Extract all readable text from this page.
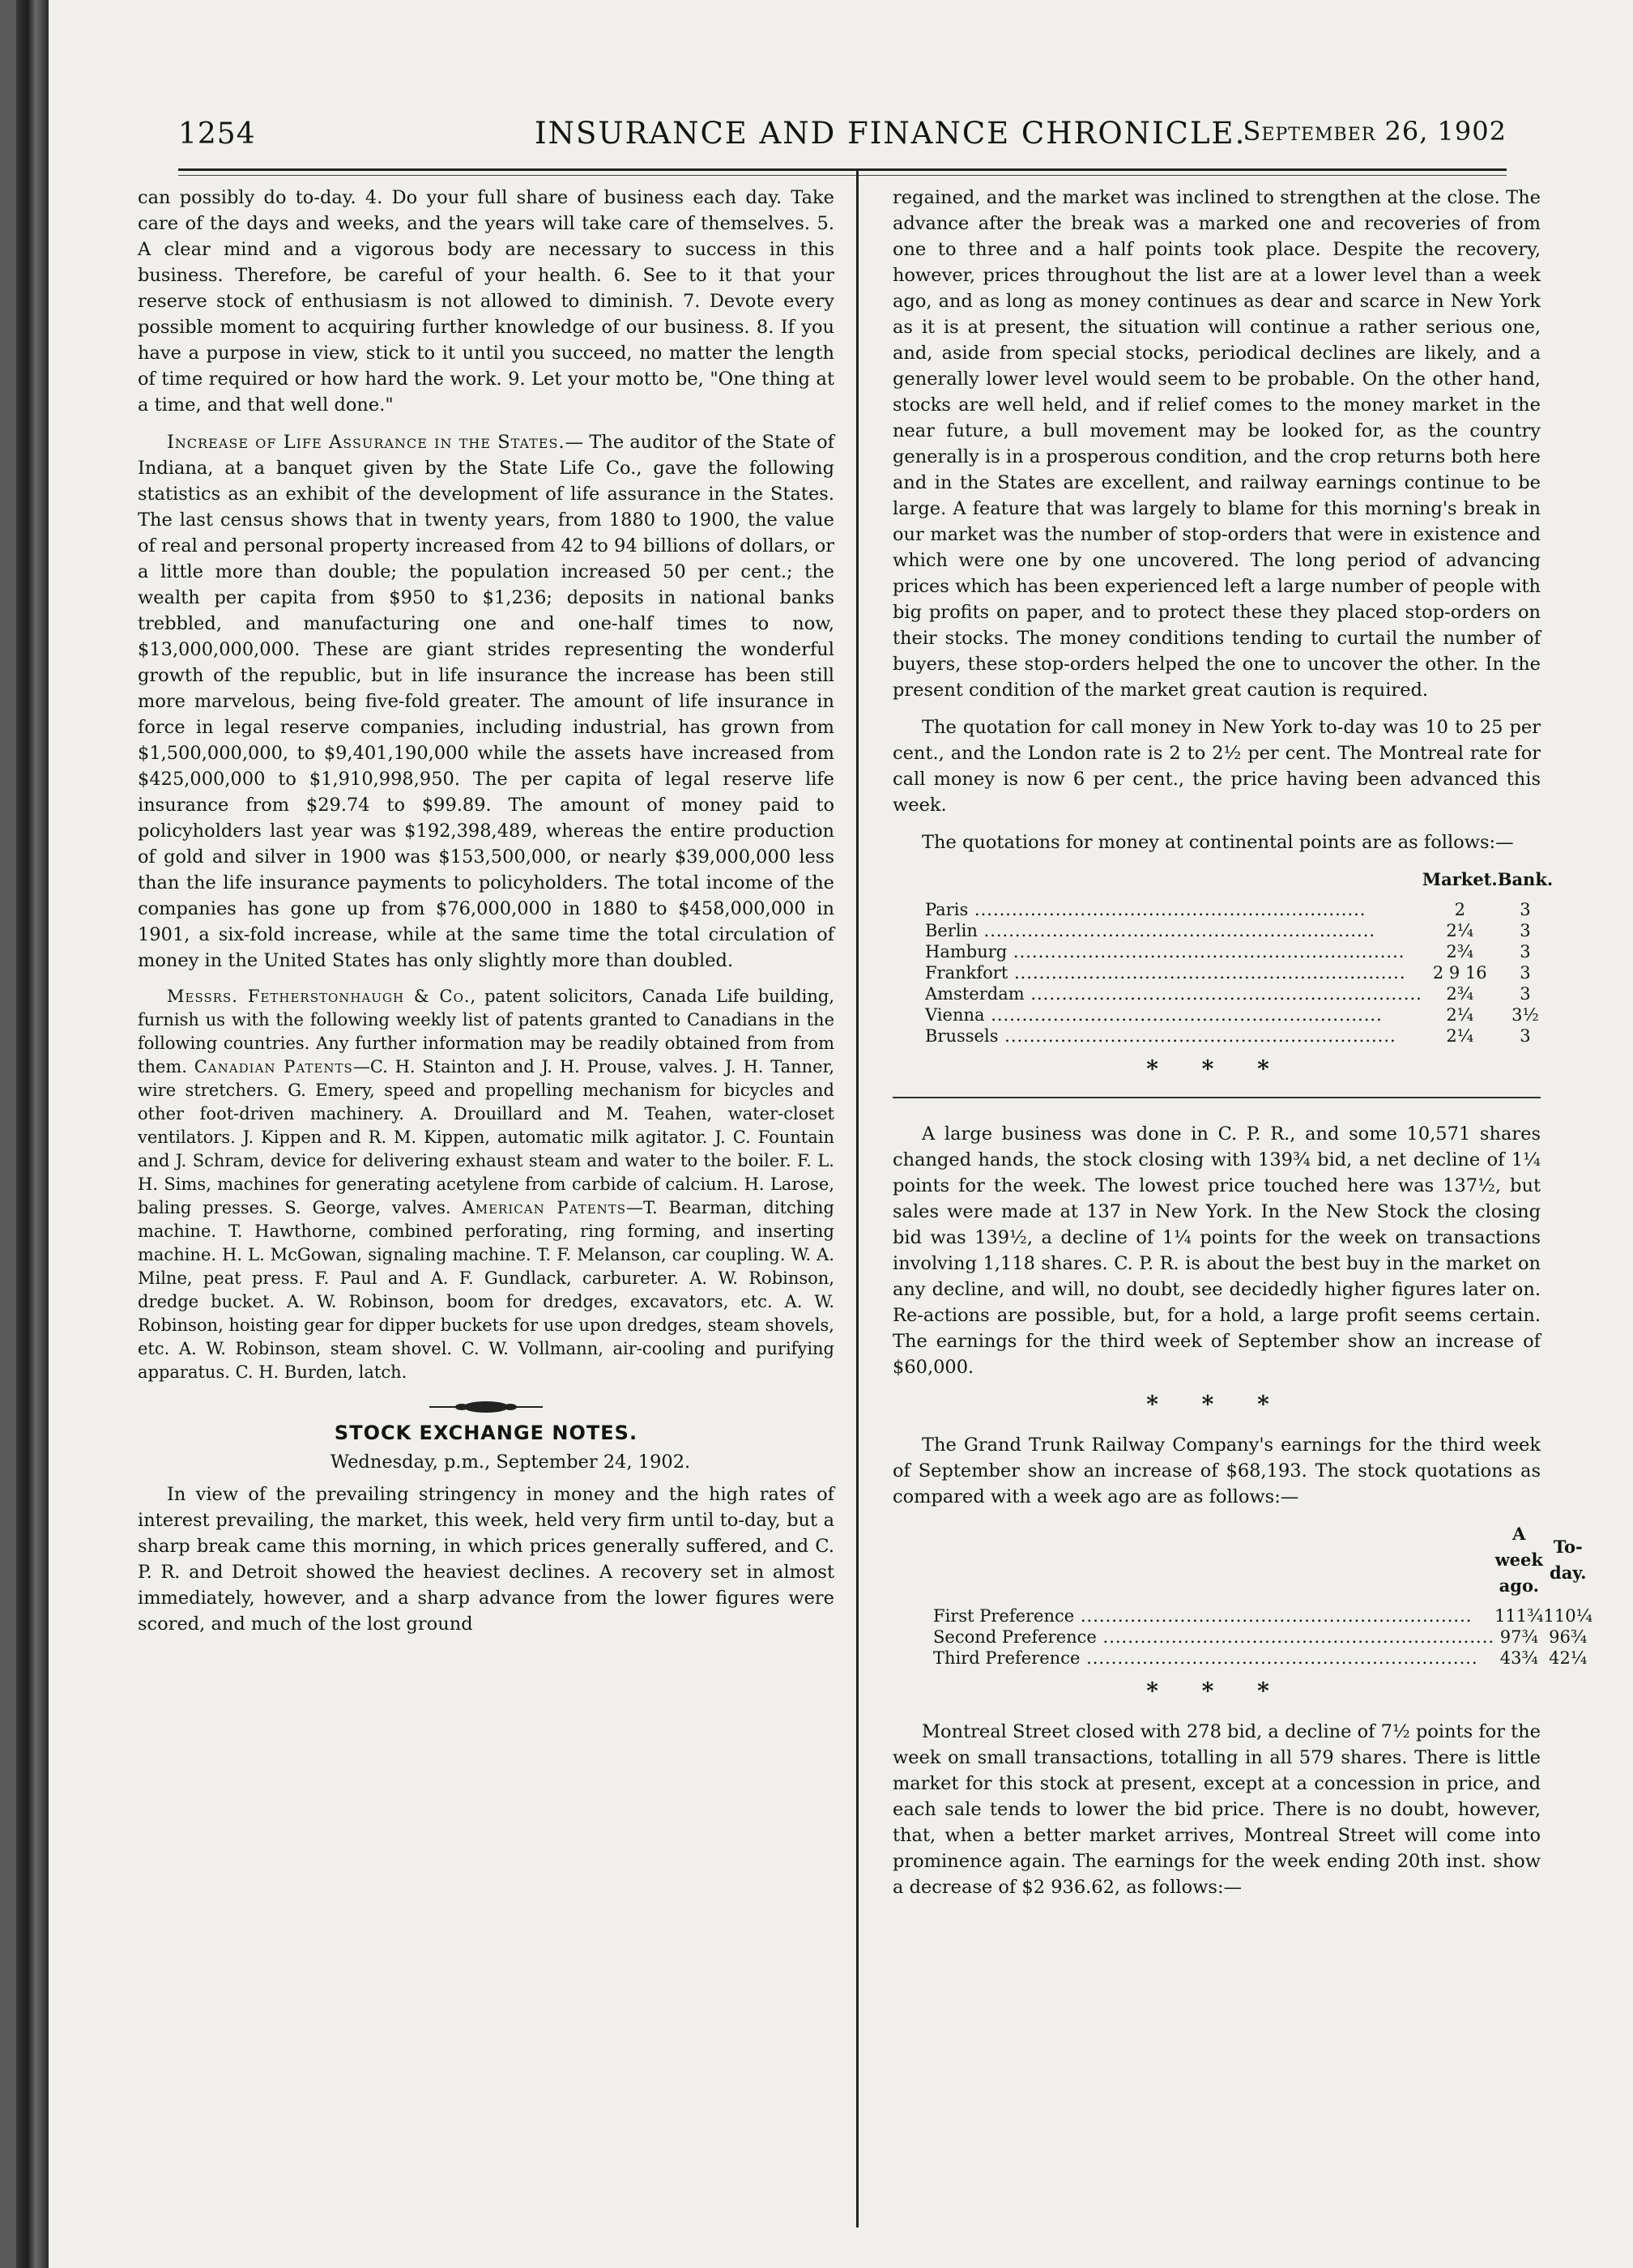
1254	INSURANCE AND FINANCE CHRONICLE.
September 26, 1902

can possibly do to-day. 4. Do your full share of business each day. Take care of the days and weeks, and the years will take care of themselves. 5. A clear mind and a vigorous body are necessary to success in this business. Therefore, be careful of your health. 6. See to it that your reserve stock of enthusiasm is not allowed to diminish. 7. Devote every possible moment to acquiring further knowledge of our business. 8. If you have a purpose in view, stick to it until you succeed, no matter the length of time required or how hard the work. 9. Let your motto be, "One thing at a time, and that well done."

Increase of Life Assurance in the States.— The auditor of the State of Indiana, at a banquet given by the State Life Co., gave the following statistics as an exhibit of the development of life assurance in the States. The last census shows that in twenty years, from 1880 to 1900, the value of real and personal property increased from 42 to 94 billions of dollars, or a little more than double; the population increased 50 per cent.; the wealth per capita from $950 to $1,236; deposits in national banks trebbled, and manufacturing one and one-half times to now, $13,000,000,000. These are giant strides representing the wonderful growth of the republic, but in life insurance the increase has been still more marvelous, being five-fold greater. The amount of life insurance in force in legal reserve companies, including industrial, has grown from $1,500,000,000, to $9,401,190,000 while the assets have increased from $425,000,000 to $1,910,998,950. The per capita of legal reserve life insurance from $29.74 to $99.89. The amount of money paid to policyholders last year was $192,398,489, whereas the entire production of gold and silver in 1900 was $153,500,000, or nearly $39,000,000 less than the life insurance payments to policyholders. The total income of the companies has gone up from $76,000,000 in 1880 to $458,000,000 in 1901, a six-fold increase, while at the same time the total circulation of money in the United States has only slightly more than doubled.

Messrs. Fetherstonhaugh & Co., patent solicitors, Canada Life building, furnish us with the following weekly list of patents granted to Canadians in the following countries. Any further information may be readily obtained from from them. Canadian Patents—C. H. Stainton and J. H. Prouse, valves. J. H. Tanner, wire stretchers. G. Emery, speed and propelling mechanism for bicycles and other foot-driven machinery. A. Drouillard and M. Teahen, water-closet ventilators. J. Kippen and R. M. Kippen, automatic milk agitator. J. C. Fountain and J. Schram, device for delivering exhaust steam and water to the boiler. F. L. H. Sims, machines for generating acetylene from carbide of calcium. H. Larose, baling presses. S. George, valves. American Patents—T. Bearman, ditching machine. T. Hawthorne, combined perforating, ring forming, and inserting machine. H. L. McGowan, signaling machine. T. F. Melanson, car coupling. W. A. Milne, peat press. F. Paul and A. F. Gundlack, carbureter. A. W. Robinson, dredge bucket. A. W. Robinson, boom for dredges, excavators, etc. A. W. Robinson, hoisting gear for dipper buckets for use upon dredges, steam shovels, etc. A. W. Robinson, steam shovel. C. W. Vollmann, air-cooling and purifying apparatus. C. H. Burden, latch.

STOCK EXCHANGE NOTES.
Wednesday, p.m., September 24, 1902.

In view of the prevailing stringency in money and the high rates of interest prevailing, the market, this week, held very firm until to-day, but a sharp break came this morning, in which prices generally suffered, and C. P. R. and Detroit showed the heaviest declines. A recovery set in almost immediately, however, and a sharp advance from the lower figures were scored, and much of the lost ground

regained, and the market was inclined to strengthen at the close. The advance after the break was a marked one and recoveries of from one to three and a half points took place. Despite the recovery, however, prices throughout the list are at a lower level than a week ago, and as long as money continues as dear and scarce in New York as it is at present, the situation will continue a rather serious one, and, aside from special stocks, periodical declines are likely, and a generally lower level would seem to be probable. On the other hand, stocks are well held, and if relief comes to the money market in the near future, a bull movement may be looked for, as the country generally is in a prosperous condition, and the crop returns both here and in the States are excellent, and railway earnings continue to be large. A feature that was largely to blame for this morning's break in our market was the number of stop-orders that were in existence and which were one by one uncovered. The long period of advancing prices which has been experienced left a large number of people with big profits on paper, and to protect these they placed stop-orders on their stocks. The money conditions tending to curtail the number of buyers, these stop-orders helped the one to uncover the other. In the present condition of the market great caution is required.

The quotation for call money in New York to-day was 10 to 25 per cent., and the London rate is 2 to 2½ per cent. The Montreal rate for call money is now 6 per cent., the price having been advanced this week.

The quotations for money at continental points are as follows:—

	Market.	Bank.
Paris .....	2	3
Berlin .....	2¼	3
Hamburg .....	2¾	3
Frankfort .....	2 9 16	3
Amsterdam .....	2¾	3
Vienna .....	2¼	3½
Brussels .....	2¼	3
* * *

A large business was done in C. P. R., and some 10,571 shares changed hands, the stock closing with 139¾ bid, a net decline of 1¼ points for the week. The lowest price touched here was 137½, but sales were made at 137 in New York. In the New Stock the closing bid was 139½, a decline of 1¼ points for the week on transactions involving 1,118 shares. C. P. R. is about the best buy in the market on any decline, and will, no doubt, see decidedly higher figures later on. Re-actions are possible, but, for a hold, a large profit seems certain. The earnings for the third week of September show an increase of $60,000.

* * *

The Grand Trunk Railway Company's earnings for the third week of September show an increase of $68,193. The stock quotations as compared with a week ago are as follows:—

	A week ago.	To-day.
First Preference .....	111¾	110¼
Second Preference .....	97¾	96¾
Third Preference .....	43¾	42¼
* * *

Montreal Street closed with 278 bid, a decline of 7½ points for the week on small transactions, totalling in all 579 shares. There is little market for this stock at present, except at a concession in price, and each sale tends to lower the bid price. There is no doubt, however, that, when a better market arrives, Montreal Street will come into prominence again. The earnings for the week ending 20th inst. show a decrease of $2 936.62, as follows:—
